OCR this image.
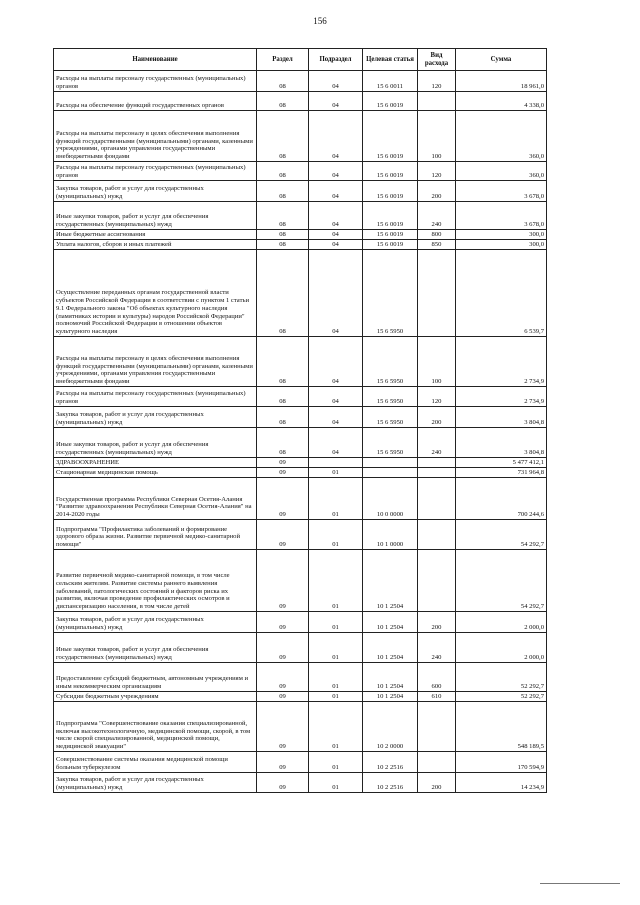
156
Наименование	Раздел	Подраздел	Целевая статья	Вид расхода	Сумма
Расходы на выплаты персоналу государственных (муниципальных) органов	08	04	15 6 0011	120	18 961,0
Расходы на обеспечение функций государственных органов	08	04	15 6 0019		4 338,0
Расходы на выплаты персоналу в целях обеспечения выполнения функций государственными (муниципальными) органами, казенными учреждениями, органами управления государственными внебюджетными фондами	08	04	15 6 0019	100	360,0
Расходы на выплаты персоналу государственных (муниципальных) органов	08	04	15 6 0019	120	360,0
Закупка товаров, работ и услуг для государственных (муниципальных) нужд	08	04	15 6 0019	200	3 678,0
Иные закупки товаров, работ и услуг для обеспечения государственных (муниципальных) нужд	08	04	15 6 0019	240	3 678,0
Иные бюджетные ассигнования	08	04	15 6 0019	800	300,0
Уплата налогов, сборов и иных платежей	08	04	15 6 0019	850	300,0
Осуществление переданных органам государственной власти субъектов Российской Федерации в соответствии с пунктом 1 статьи 9.1 Федерального закона "Об объектах культурного наследия (памятниках истории и культуры) народов Российской Федерации" полномочий Российской Федерации в отношении объектов культурного наследия	08	04	15 6 5950		6 539,7
Расходы на выплаты персоналу в целях обеспечения выполнения функций государственными (муниципальными) органами, казенными учреждениями, органами управления государственными внебюджетными фондами	08	04	15 6 5950	100	2 734,9
Расходы на выплаты персоналу государственных (муниципальных) органов	08	04	15 6 5950	120	2 734,9
Закупка товаров, работ и услуг для государственных (муниципальных) нужд	08	04	15 6 5950	200	3 804,8
Иные закупки товаров, работ и услуг для обеспечения государственных (муниципальных) нужд	08	04	15 6 5950	240	3 804,8
ЗДРАВООХРАНЕНИЕ	09				5 477 412,1
Стационарная медицинская помощь	09	01			731 964,8
Государственная программа Республики Северная Осетия-Алания "Развитие здравоохранения Республики Северная Осетия-Алания" на 2014-2020 годы	09	01	10 0 0000		700 244,6
Подпрограмма "Профилактика заболеваний и формирование здорового образа жизни. Развитие первичной медико-санитарной помощи"	09	01	10 1 0000		54 292,7
Развитие первичной медико-санитарной помощи, в том числе сельским жителям. Развитие системы раннего выявления заболеваний, патологических состояний и факторов риска их развития, включая проведение профилактических осмотров и диспансеризацию населения, в том числе детей	09	01	10 1 2504		54 292,7
Закупка товаров, работ и услуг для государственных (муниципальных) нужд	09	01	10 1 2504	200	2 000,0
Иные закупки товаров, работ и услуг для обеспечения государственных (муниципальных) нужд	09	01	10 1 2504	240	2 000,0
Предоставление субсидий бюджетным, автономным учреждениям и иным некоммерческим организациям	09	01	10 1 2504	600	52 292,7
Субсидии бюджетным учреждениям	09	01	10 1 2504	610	52 292,7
Подпрограмма "Совершенствование оказания специализированной, включая высокотехнологичную, медицинской помощи, скорой, в том числе скорой специализированной, медицинской помощи, медицинской эвакуации"	09	01	10 2 0000		548 189,5
Совершенствование системы оказания медицинской помощи больным туберкулезом	09	01	10 2 2516		170 594,9
Закупка товаров, работ и услуг для государственных (муниципальных) нужд	09	01	10 2 2516	200	14 234,9
